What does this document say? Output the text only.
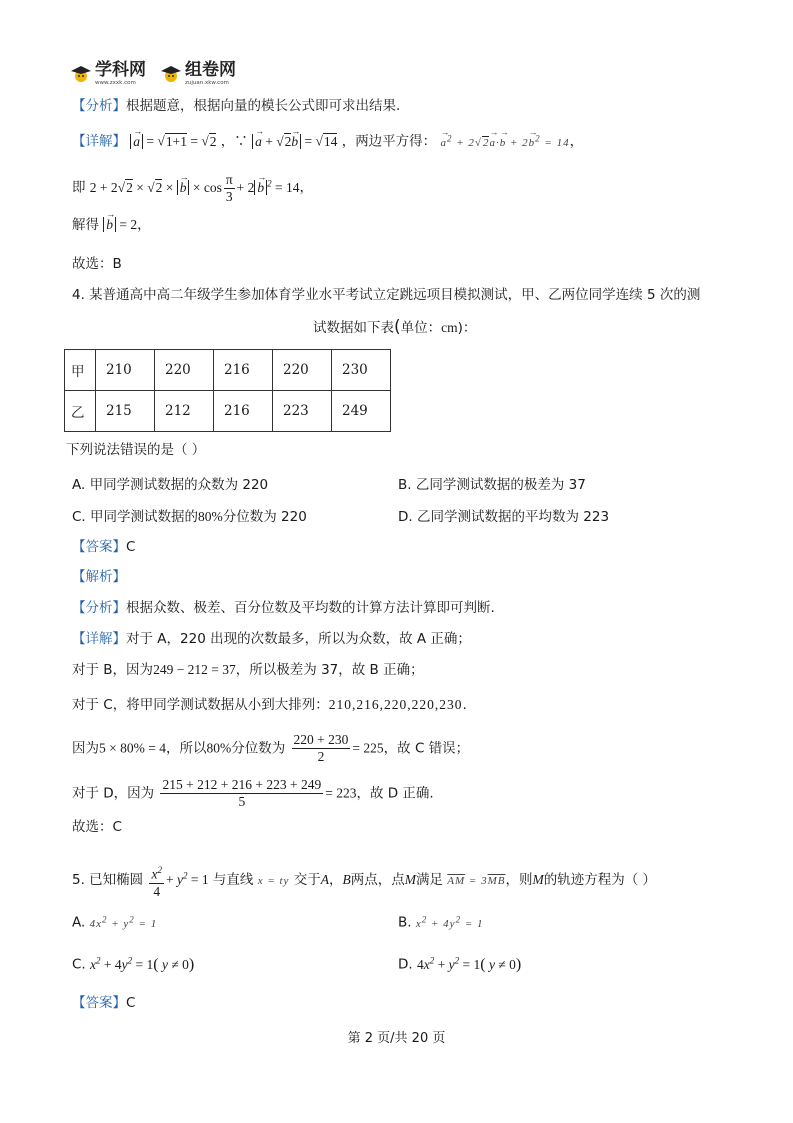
学科网
www.zxxk.com
组卷网
zujuan.xkw.com
【分析】根据题意，根据向量的模长公式即可求出结果.
【详解】 → a = √1+1 = √2 ，∵ → a + √2→ b = √14 ，两边平方得： → $a^2 + 2√2\to a\cdot\to b + 2\to b^2 = 14$，
即 2 + 2√2 × √2 × → $b \times \cos \frac{\pi}{3} + 2 \to b$ $^2$ = 14，
解得 → b = 2，
故选：B
4. 某普通高中高二年级学生参加体育学业水平考试立定跳远项目模拟测试，甲、乙两位同学连续 5 次的测
试数据如下表(单位：cm)：
甲	210	220	216	220	230
乙	215	212	216	223	249
下列说法错误的是（ ）
A. 甲同学测试数据的众数为 220	B. 乙同学测试数据的极差为 37
C. 甲同学测试数据的80%分位数为 220	D. 乙同学测试数据的平均数为 223
【答案】C
【解析】
【分析】根据众数、极差、百分位数及平均数的计算方法计算即可判断.
【详解】对于 A，220 出现的次数最多，所以为众数，故 A 正确；
对于 B，因为249 − 212 = 37，所以极差为 37，故 B 正确；
对于 C，将甲同学测试数据从小到大排列：210,216,220,220,230.
因为5 × 80% = 4，所以80%分位数为 $\frac{220 + 230}{2} = 225$，故 C 错误；
对于 D，因为 $\frac{215 + 212 + 216 + 223 + 249}{5} = 223$，故 D 正确.
故选：C
5. 已知椭圆 $\frac{x^2}{4} + y^2 = 1$ 与直线 x = ty 交于A，B两点，点M满足 $\overline{AM} = 3\overline{MB}$，则M的轨迹方程为（ ）
A. $4x^2 + y^2 = 1$	B. $x^2 + 4y^2 = 1$
C. $x^2 + 4y^2 = 1$( y ≠ 0)	D. $4x^2 + y^2 = 1$( y ≠ 0)
【答案】C
第 2 页/共 20 页
